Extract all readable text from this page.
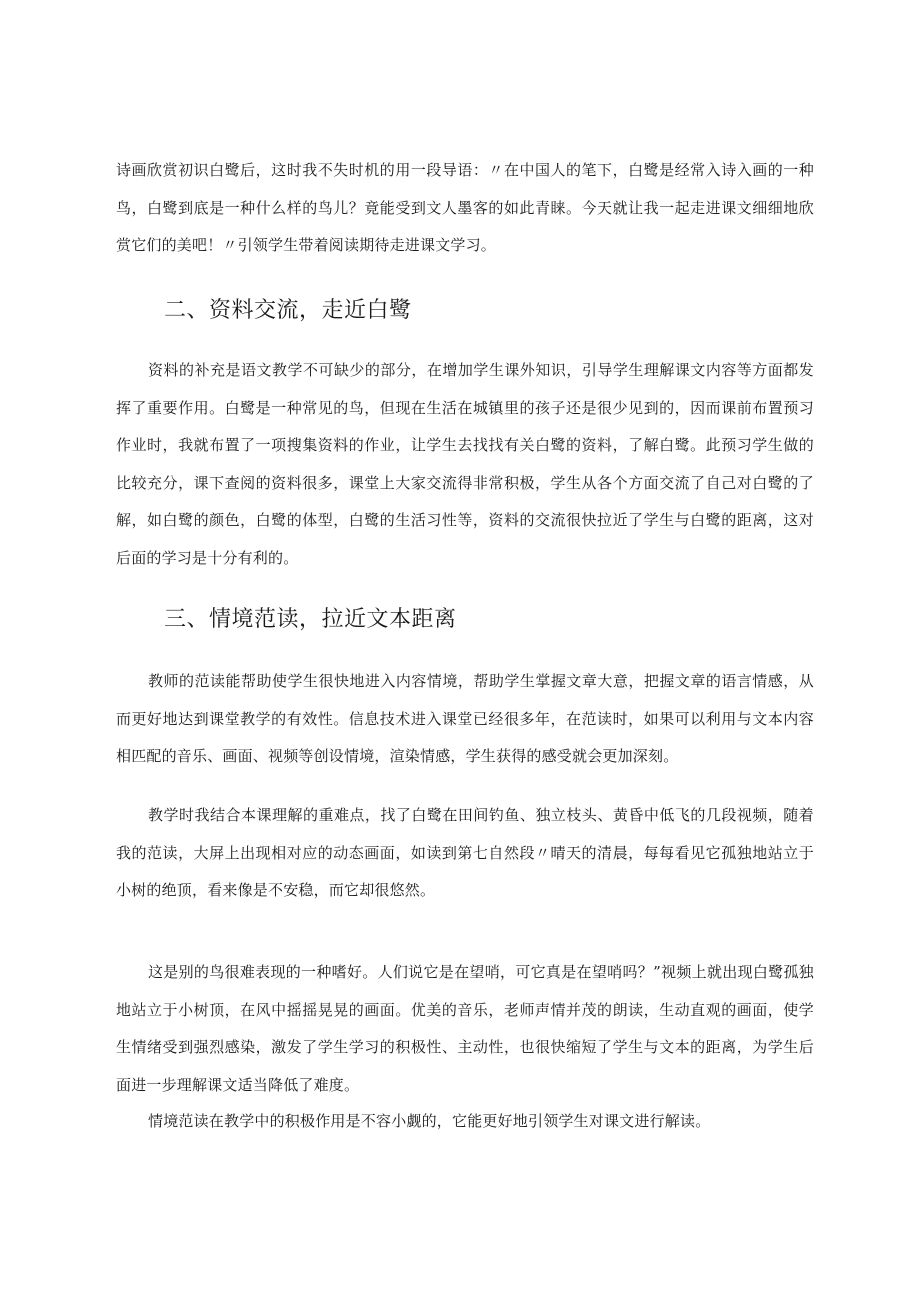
诗画欣赏初识白鹭后，这时我不失时机的用一段导语：〃在中国人的笔下，白鹭是经常入诗入画的一种鸟，白鹭到底是一种什么样的鸟儿？竟能受到文人墨客的如此青睐。今天就让我一起走进课文细细地欣赏它们的美吧！〃引领学生带着阅读期待走进课文学习。

二、资料交流，走近白鹭

资料的补充是语文教学不可缺少的部分，在增加学生课外知识，引导学生理解课文内容等方面都发挥了重要作用。白鹭是一种常见的鸟，但现在生活在城镇里的孩子还是很少见到的，因而课前布置预习作业时，我就布置了一项搜集资料的作业，让学生去找找有关白鹭的资料，了解白鹭。此预习学生做的比较充分，课下查阅的资料很多，课堂上大家交流得非常积极，学生从各个方面交流了自己对白鹭的了解，如白鹭的颜色，白鹭的体型，白鹭的生活习性等，资料的交流很快拉近了学生与白鹭的距离，这对后面的学习是十分有利的。

三、情境范读，拉近文本距离

教师的范读能帮助使学生很快地进入内容情境，帮助学生掌握文章大意，把握文章的语言情感，从而更好地达到课堂教学的有效性。信息技术进入课堂已经很多年，在范读时，如果可以利用与文本内容相匹配的音乐、画面、视频等创设情境，渲染情感，学生获得的感受就会更加深刻。

教学时我结合本课理解的重难点，找了白鹭在田间钓鱼、独立枝头、黄昏中低飞的几段视频，随着我的范读，大屏上出现相对应的动态画面，如读到第七自然段〃晴天的清晨，每每看见它孤独地站立于小树的绝顶，看来像是不安稳，而它却很悠然。

这是别的鸟很难表现的一种嗜好。人们说它是在望哨，可它真是在望哨吗？”视频上就出现白鹭孤独地站立于小树顶，在风中摇摇晃晃的画面。优美的音乐，老师声情并茂的朗读，生动直观的画面，使学生情绪受到强烈感染，激发了学生学习的积极性、主动性，也很快缩短了学生与文本的距离，为学生后面进一步理解课文适当降低了难度。

情境范读在教学中的积极作用是不容小觑的，它能更好地引领学生对课文进行解读。
